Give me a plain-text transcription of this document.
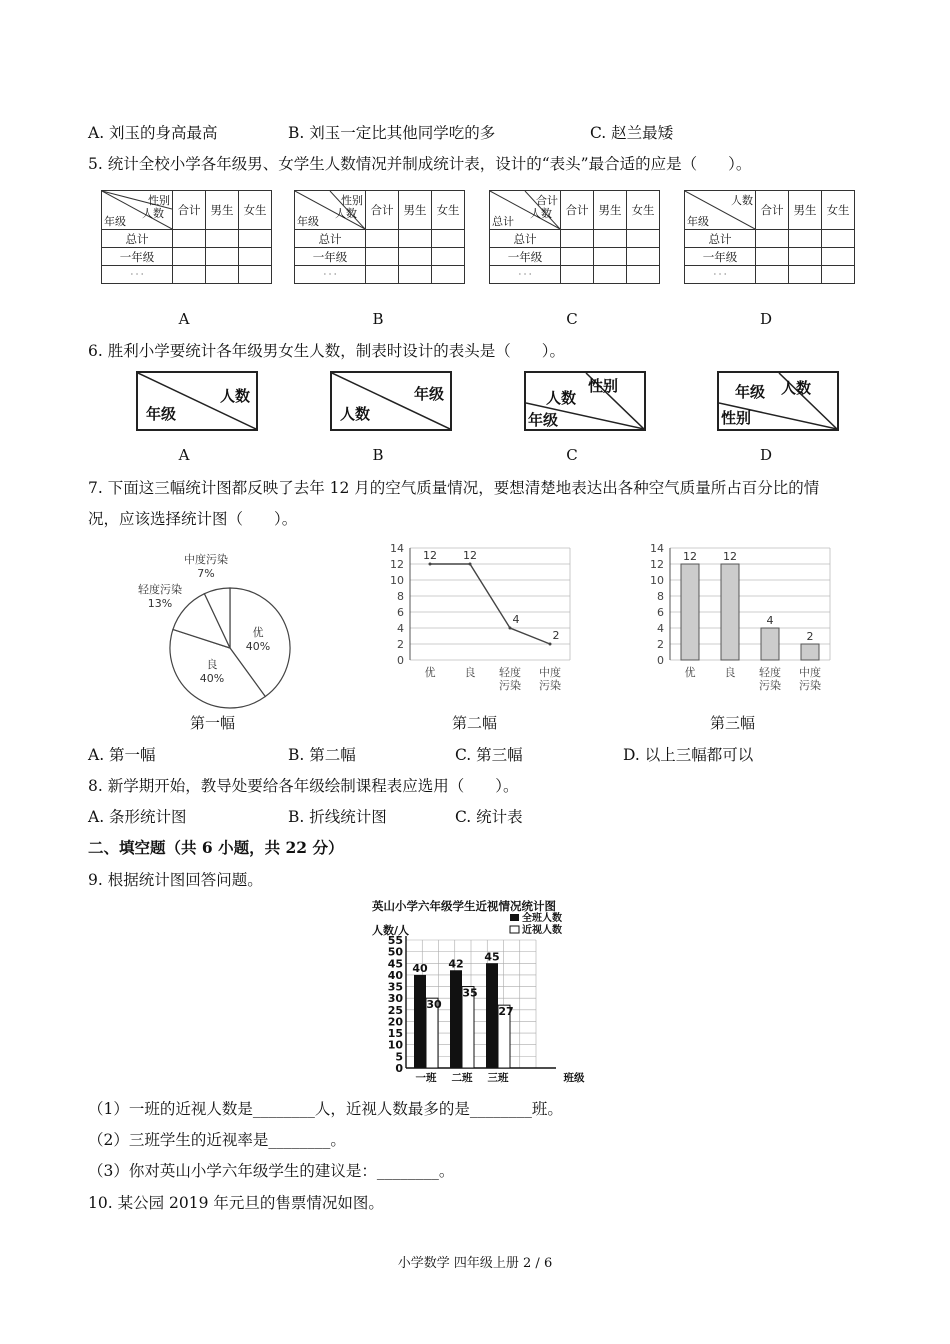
A. 刘玉的身高最高	B. 刘玉一定比其他同学吃的多	C. 赵兰最矮
5. 统计全校小学各年级男、女学生人数情况并制成统计表，设计的“表头”最合适的应是（　　）。
性别
人数
年级	合计	男生	女生
总计			
一年级			
· · ·			
性别
人数
年级	合计	男生	女生
总计			
一年级			
· · ·			
合计
人数
总计	合计	男生	女生
总计			
一年级			
· · ·			
人数
年级	合计	男生	女生
总计			
一年级			
· · ·			
A	B	C	D
6. 胜利小学要统计各年级男女生人数，制表时设计的表头是（　　）。
人数
年级
年级
人数
性别
人数
年级
人数
年级
性别
A	B	C	D
7. 下面这三幅统计图都反映了去年 12 月的空气质量情况，要想清楚地表达出各种空气质量所占百分比的情
况，应该选择统计图（　　）。
优
40%
良
40%
轻度污染
13%
中度污染
7%
0
2
4
6
8
10
12
14
12 12
4
2
优	良 轻度
污染
中度
污染
0
2
4
6
8
10
12
14
12 12
4
2
优	良 轻度
污染
中度
污染
第一幅	第二幅	第三幅
A. 第一幅	B. 第二幅	C. 第三幅	D. 以上三幅都可以
8. 新学期开始，教导处要给各年级绘制课程表应选用（　　）。
A. 条形统计图	B. 折线统计图	C. 统计表
二、填空题（共 6 小题，共 22 分）
9. 根据统计图回答问题。
英山小学六年级学生近视情况统计图
全班人数
近视人数
人数/人
0
5
10
15
20
25
30
35
40
45
50
55
40
30
一班
42
35
二班
45
27
三班	班级
（1）一班的近视人数是________人，近视人数最多的是________班。
（2）三班学生的近视率是________。
（3）你对英山小学六年级学生的建议是：________。
10. 某公园 2019 年元旦的售票情况如图。
小学数学 四年级上册 2 / 6
